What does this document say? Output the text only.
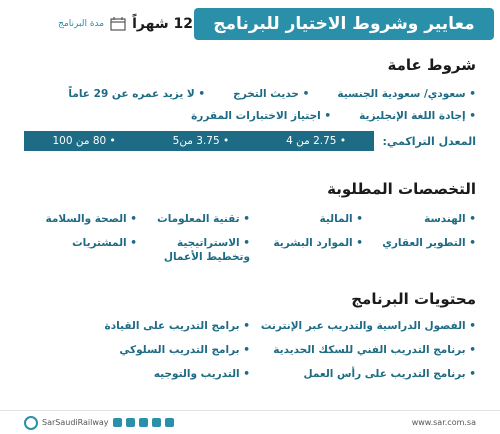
معايير وشروط الاختيار للبرنامج
12 شهراً
مدة البرنامج
شروط عامة
• سعودي/ سعودية الجنسية
• حديث التخرج
• لا يزيد عمره عن 29 عاماً
• إجادة اللغة الإنجليزية
• اجتياز الاختبارات المقررة
المعدل التراكمي:
• 2.75 من 4
• 3.75 من5
• 80 من 100
التخصصات المطلوبة
• الهندسة
• المالية
• تقنية المعلومات
• الصحة والسلامة
• التطوير العقاري
• الموارد البشرية
• الاستراتيجية وتخطيط الأعمال
• المشتريات
محتويات البرنامج
• الفصول الدراسية والتدريب عبر الإنترنت
• برامج التدريب على القيادة
• برنامج التدريب الفني للسكك الحديدية
• برامج التدريب السلوكي
• برنامج التدريب على رأس العمل
• التدريب والتوجيه
SarSaudiRailway	www.sar.com.sa
